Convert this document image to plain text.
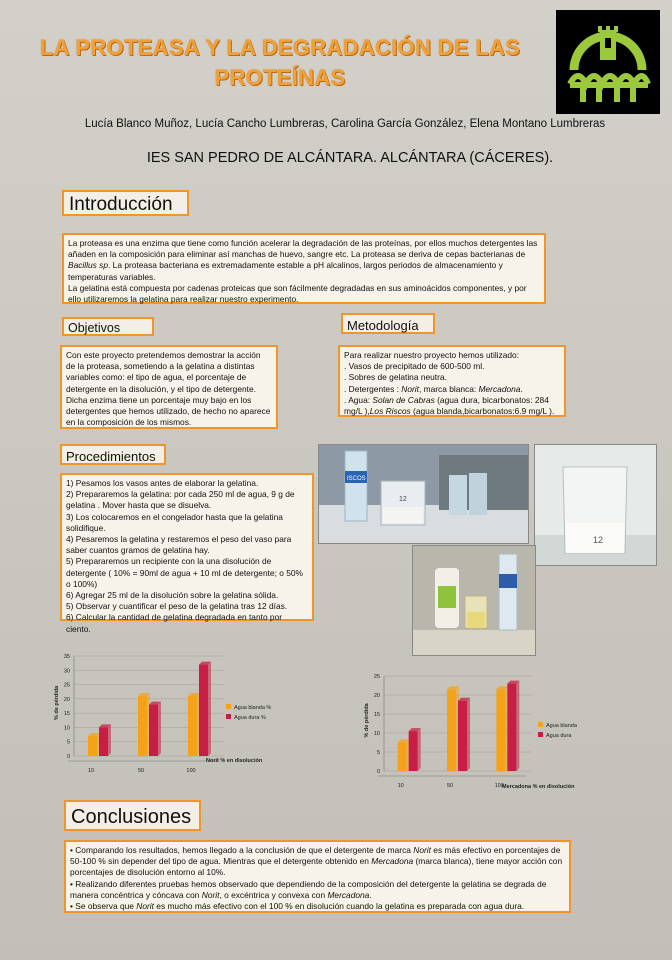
LA PROTEASA Y LA DEGRADACIÓN DE LAS PROTEÍNAS
Lucía Blanco Muñoz, Lucía Cancho Lumbreras, Carolina García González, Elena Montano Lumbreras
IES SAN PEDRO DE ALCÁNTARA. ALCÁNTARA (CÁCERES).
Introducción

La proteasa es una enzima que tiene como función acelerar la degradación de las proteínas, por ellos muchos detergentes las añaden en la composición para eliminar así manchas de huevo, sangre etc. La proteasa se deriva de cepas bacterianas de Bacillus sp. La proteasa bacteriana es extremadamente estable a pH alcalinos, largos periodos de almacenamiento y temperaturas variables.

La gelatina está compuesta por cadenas proteicas que son fácilmente degradadas en sus aminoácidos componentes, y por ello utilizaremos la gelatina para realizar nuestro experimento.

Objetivos

Con este proyecto pretendemos demostrar la acción de la proteasa, sometiendo a la gelatina a distintas variables como: el tipo de agua, el porcentaje de detergente en la disolución, y el tipo de detergente. Dicha enzima tiene un porcentaje muy bajo en los detergentes que hemos utilizado, de hecho no aparece en la composición de los mismos.

Metodología

Para realizar nuestro proyecto hemos utilizado:

. Vasos de precipitado de 600-500 ml.

. Sobres de gelatina neutra.

. Detergentes : Norit, marca blanca: Mercadona.

. Agua: Solan de Cabras (agua dura, bicarbonatos: 284 mg/L ),Los Riscos (agua blanda,bicarbonatos:6.9 mg/L ).

Procedimientos

1) Pesamos los vasos antes de elaborar la gelatina.

2) Prepararemos la gelatina: por cada 250 ml de agua, 9 g de gelatina . Mover hasta que se disuelva.

3) Los colocaremos en el congelador hasta que la gelatina solidifique.

4) Pesaremos la gelatina y restaremos el peso del vaso para saber cuantos gramos de gelatina hay.

5) Prepararemos un recipiente con la una disolución de detergente ( 10% = 90ml de agua + 10 ml de detergente; o 50% o 100%)

6) Agregar 25 ml de la disolución sobre la gelatina sólida.

5) Observar y cuantificar el peso de la gelatina tras 12 días.

6) Calcular la cantidad de gelatina degradada en tanto por ciento.

ISCOS
12
12
0
5
10
15
20
25
30
35
10	50	100
Norit % en disolución
% de pérdida	Agua blanda %
Agua dura %
0
5
10
15
20
25
10	50	100
Mercadona % en disolución
% de pérdida	Agua blanda
Agua dura
Conclusiones

• Comparando los resultados, hemos llegado a la conclusión de que el detergente de marca Norit es más efectivo en porcentajes de 50-100 % sin depender del tipo de agua. Mientras que el detergente obtenido en Mercadona (marca blanca), tiene mayor acción con porcentajes de disolución entorno al 10%.

• Realizando diferentes pruebas hemos observado que dependiendo de la composición del detergente la gelatina se degrada de manera concéntrica y cóncava con Norit, o excéntrica y convexa con Mercadona.

• Se observa que Norit es mucho más efectivo con el 100 % en disolución cuando la gelatina es preparada con agua dura.
